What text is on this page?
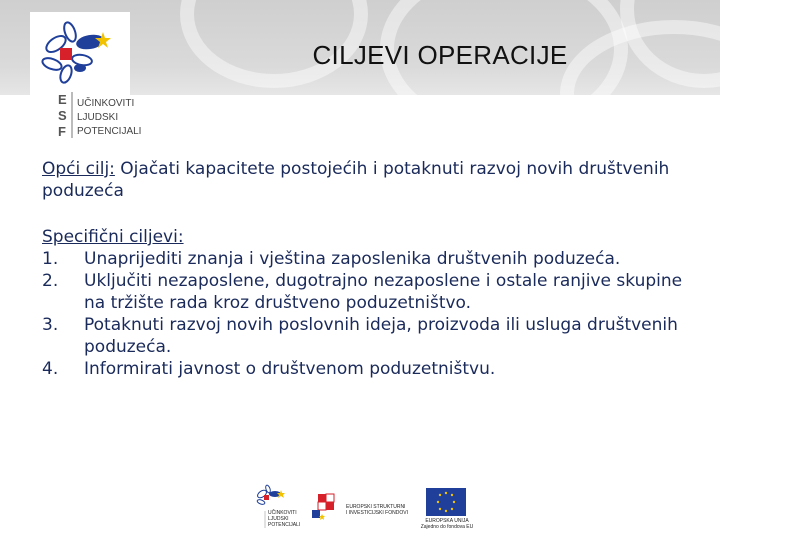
E
S
F
UČINKOVITI
LJUDSKI
POTENCIJALI
CILJEVI OPERACIJE
Opći cilj: Ojačati kapacitete postojećih i potaknuti razvoj novih društvenih poduzeća
Specifični ciljevi:
1.	Unaprijediti znanja i vještina zaposlenika društvenih poduzeća.
2.	Uključiti nezaposlene, dugotrajno nezaposlene i ostale ranjive skupine na tržište rada kroz društveno poduzetništvo.
3.	Potaknuti razvoj novih poslovnih ideja, proizvoda ili usluga društvenih poduzeća.
4.	Informirati javnost o društvenom poduzetništvu.
UČINKOVITI
LJUDSKI
POTENCIJALI
EUROPSKI STRUKTURNI
I INVESTICIJSKI FONDOVI
EUROPSKA UNIJA
Zajedno do fondova EU
